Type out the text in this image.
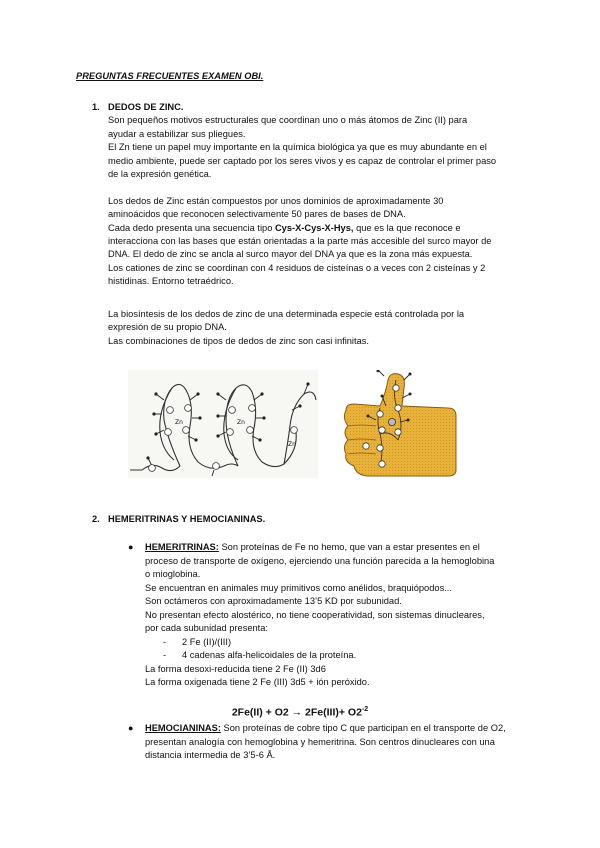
PREGUNTAS FRECUENTES EXAMEN OBI.
1. DEDOS DE ZINC.
Son pequeños motivos estructurales que coordinan uno o más átomos de Zinc (II) para
ayudar a estabilizar sus pliegues.
El Zn tiene un papel muy importante en la química biológica ya que es muy abundante en el
medio ambiente, puede ser captado por los seres vivos y es capaz de controlar el primer paso
de la expresión genética.
Los dedos de Zinc están compuestos por unos dominios de aproximadamente 30
aminoácidos que reconocen selectivamente 50 pares de bases de DNA.
Cada dedo presenta una secuencia tipo Cys-X-Cys-X-Hys, que es la que reconoce e
interacciona con las bases que están orientadas a la parte más accesible del surco mayor de
DNA. El dedo de zinc se ancla al surco mayor del DNA ya que es la zona más expuesta.
Los cationes de zinc se coordinan con 4 residuos de cisteínas o a veces con 2 cisteínas y 2
histidinas. Entorno tetraédrico.
La biosíntesis de los dedos de zinc de una determinada especie está controlada por la
expresión de su propio DNA.
Las combinaciones de tipos de dedos de zinc son casi infinitas.
Zn	Zn
Zn
2. HEMERITRINAS Y HEMOCIANINAS.
● HEMERITRINAS: Son proteínas de Fe no hemo, que van a estar presentes en el
proceso de transporte de oxígeno, ejerciendo una función parecida a la hemoglobina
o mioglobina.
Se encuentran en animales muy primitivos como anélidos, braquiópodos...
Son octámeros con aproximadamente 13’5 KD por subunidad.
No presentan efecto alostérico, no tiene cooperatividad, son sistemas dinucleares,
por cada subunidad presenta:
- 2 Fe (II)/(III)
- 4 cadenas alfa-helicoidales de la proteína.
La forma desoxi-reducida tiene 2 Fe (II) 3d6
La forma oxigenada tiene 2 Fe (III) 3d5 + ión peróxido.
$2Fe(II) + O2 \to 2Fe(III)+ O2^{-2}$
● HEMOCIANINAS: Son proteínas de cobre tipo C que participan en el transporte de O2,
presentan analogía con hemoglobina y hemeritrina. Son centros dinucleares con una
distancia intermedia de 3’5-6 Å.
